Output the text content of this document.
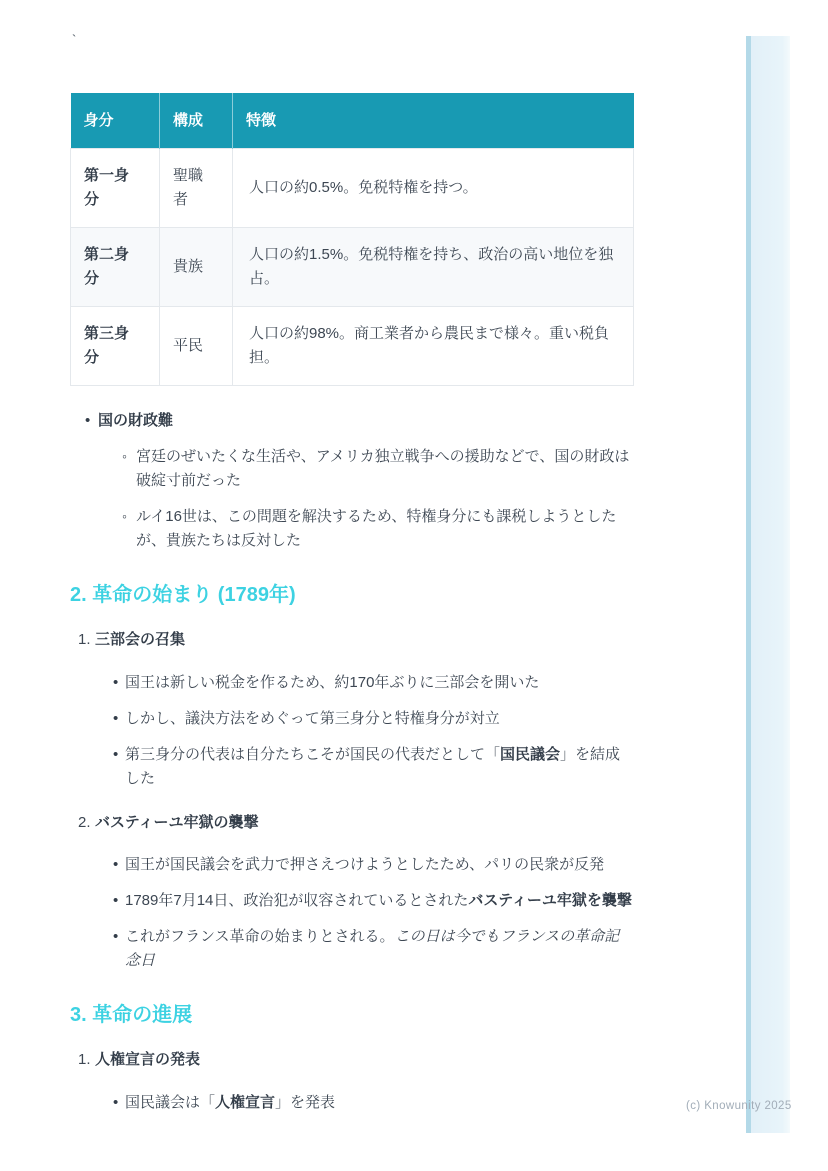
`
身分	構成	特徴
第一身分	聖職者	人口の約0.5%。免税特権を持つ。
第二身分	貴族	人口の約1.5%。免税特権を持ち、政治の高い地位を独占。
第三身分	平民	人口の約98%。商工業者から農民まで様々。重い税負担。
• 国の財政難
◦ 宮廷のぜいたくな生活や、アメリカ独立戦争への援助などで、国の財政は破綻寸前だった
◦ ルイ16世は、この問題を解決するため、特権身分にも課税しようとしたが、貴族たちは反対した
2. 革命の始まり (1789年)
1. 三部会の召集
• 国王は新しい税金を作るため、約170年ぶりに三部会を開いた
• しかし、議決方法をめぐって第三身分と特権身分が対立
• 第三身分の代表は自分たちこそが国民の代表だとして「国民議会」を結成した
2. バスティーユ牢獄の襲撃
• 国王が国民議会を武力で押さえつけようとしたため、パリの民衆が反発
• 1789年7月14日、政治犯が収容されているとされたバスティーユ牢獄を襲撃
• これがフランス革命の始まりとされる。この日は今でもフランスの革命記念日
3. 革命の進展
1. 人権宣言の発表
• 国民議会は「人権宣言」を発表	(c) Knowunity 2025
